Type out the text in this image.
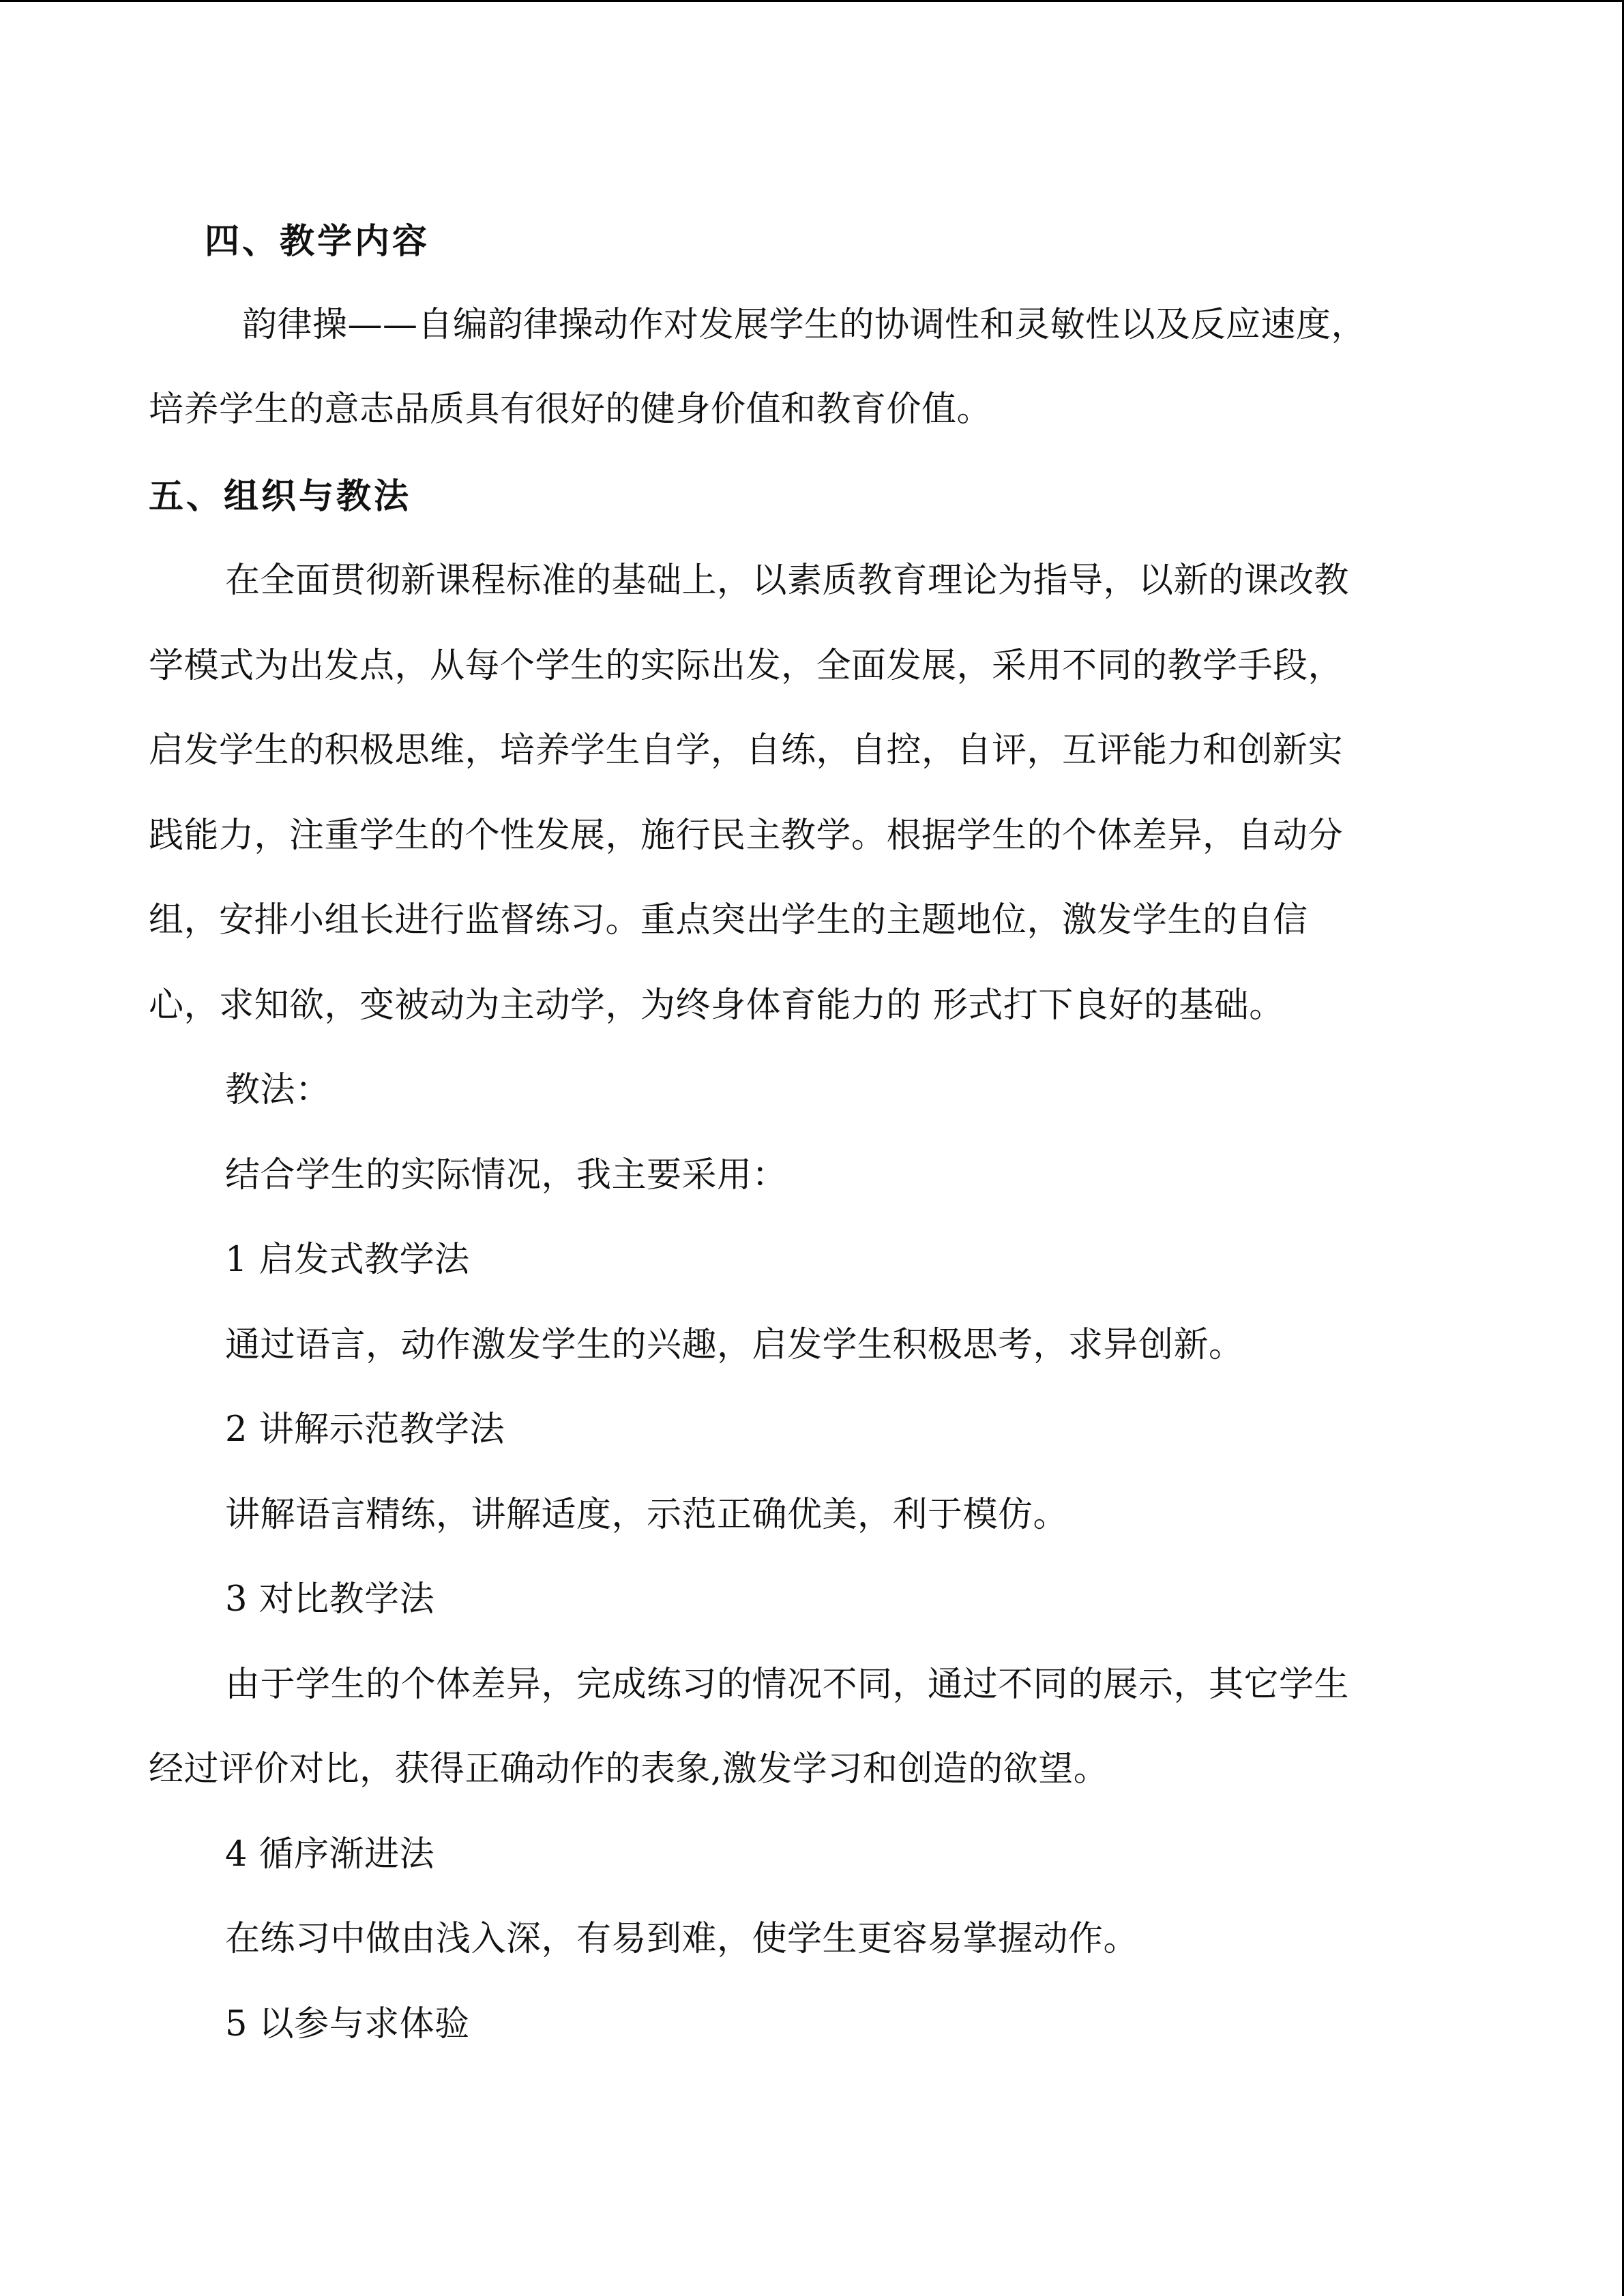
四、教学内容
韵律操——自编韵律操动作对发展学生的协调性和灵敏性以及反应速度，
培养学生的意志品质具有很好的健身价值和教育价值。
五、组织与教法
在全面贯彻新课程标准的基础上，以素质教育理论为指导，以新的课改教
学模式为出发点，从每个学生的实际出发，全面发展，采用不同的教学手段，
启发学生的积极思维，培养学生自学，自练，自控，自评，互评能力和创新实
践能力，注重学生的个性发展，施行民主教学。根据学生的个体差异，自动分
组，安排小组长进行监督练习。重点突出学生的主题地位，激发学生的自信
心，求知欲，变被动为主动学，为终身体育能力的 形式打下良好的基础。
教法：
结合学生的实际情况，我主要采用：
1 启发式教学法
通过语言，动作激发学生的兴趣，启发学生积极思考，求异创新。
2 讲解示范教学法
讲解语言精练，讲解适度，示范正确优美，利于模仿。
3 对比教学法
由于学生的个体差异，完成练习的情况不同，通过不同的展示，其它学生
经过评价对比，获得正确动作的表象,激发学习和创造的欲望。
4 循序渐进法
在练习中做由浅入深，有易到难，使学生更容易掌握动作。
5 以参与求体验
